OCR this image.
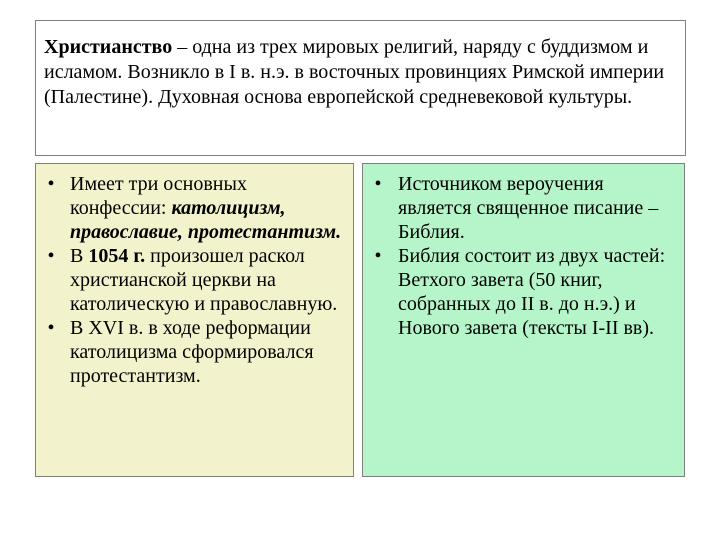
Христианство – одна из трех мировых религий, наряду с буддизмом и исламом. Возникло в I в. н.э. в восточных провинциях Римской империи (Палестине). Духовная основа европейской средневековой культуры.
• Имеет три основных конфессии: католицизм, православие, протестантизм.
• В 1054 г. произошел раскол христианской церкви на католическую и православную.
• В XVI в. в ходе реформации католицизма сформировался протестантизм.
• Источником вероучения является священное писание – Библия.
• Библия состоит из двух частей: Ветхого завета (50 книг, собранных до II в. до н.э.) и Нового завета (тексты I-II вв).
